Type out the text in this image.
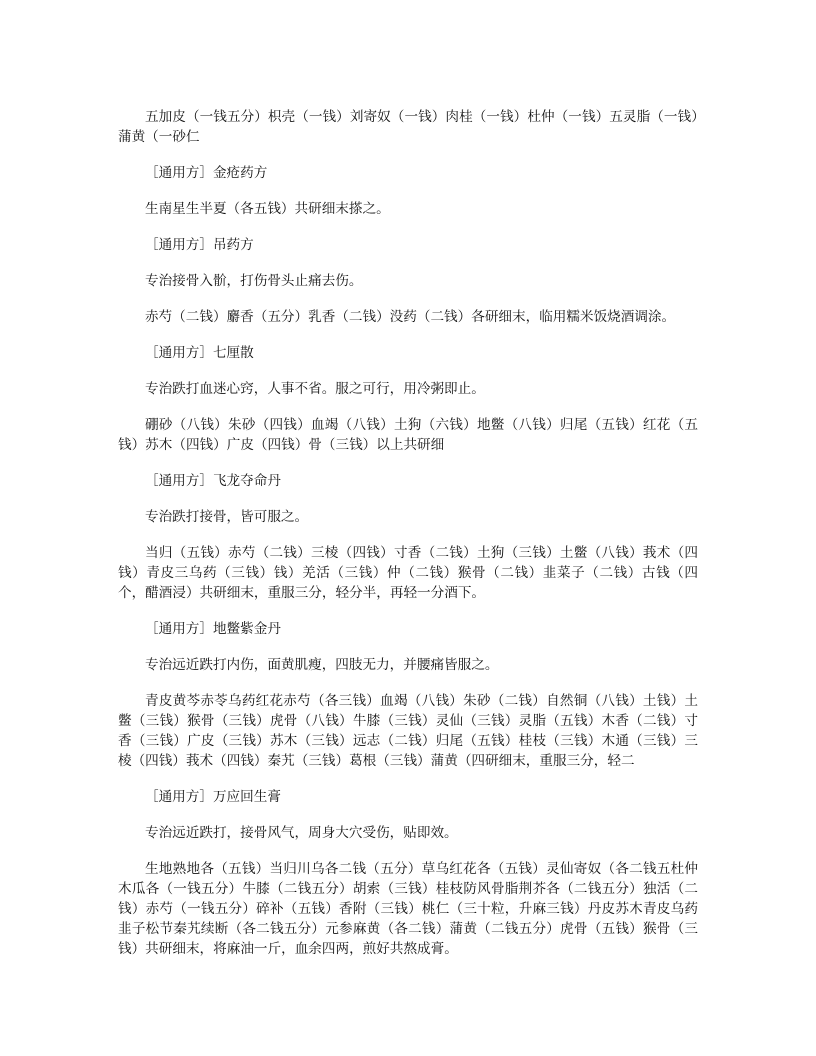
五加皮（一钱五分）枳壳（一钱）刘寄奴（一钱）肉桂（一钱）杜仲（一钱）五灵脂（一钱）蒲黄（一砂仁

［通用方］金疮药方

生南星生半夏（各五钱）共研细末搽之。

［通用方］吊药方

专治接骨入骱，打伤骨头止痛去伤。

赤芍（二钱）麝香（五分）乳香（二钱）没药（二钱）各研细末，临用糯米饭烧酒调涂。

［通用方］七厘散

专治跌打血迷心窍，人事不省。服之可行，用冷粥即止。

硼砂（八钱）朱砂（四钱）血竭（八钱）土狗（六钱）地鳖（八钱）归尾（五钱）红花（五钱）苏木（四钱）广皮（四钱）骨（三钱）以上共研细

［通用方］飞龙夺命丹

专治跌打接骨，皆可服之。

当归（五钱）赤芍（二钱）三棱（四钱）寸香（二钱）土狗（三钱）土鳖（八钱）莪术（四钱）青皮三乌药（三钱）钱）羌活（三钱）仲（二钱）猴骨（二钱）韭菜子（二钱）古钱（四个，醋酒浸）共研细末，重服三分，轻分半，再轻一分酒下。

［通用方］地鳖紫金丹

专治远近跌打内伤，面黄肌瘦，四肢无力，并腰痛皆服之。

青皮黄芩赤苓乌药红花赤芍（各三钱）血竭（八钱）朱砂（二钱）自然铜（八钱）土钱）土鳖（三钱）猴骨（三钱）虎骨（八钱）牛膝（三钱）灵仙（三钱）灵脂（五钱）木香（二钱）寸香（三钱）广皮（三钱）苏木（三钱）远志（二钱）归尾（五钱）桂枝（三钱）木通（三钱）三棱（四钱）莪术（四钱）秦艽（三钱）葛根（三钱）蒲黄（四研细末，重服三分，轻二

［通用方］万应回生膏

专治远近跌打，接骨风气，周身大穴受伤，贴即效。

生地熟地各（五钱）当归川乌各二钱（五分）草乌红花各（五钱）灵仙寄奴（各二钱五杜仲木瓜各（一钱五分）牛膝（二钱五分）胡索（三钱）桂枝防风骨脂荆芥各（二钱五分）独活（二钱）赤芍（一钱五分）碎补（五钱）香附（三钱）桃仁（三十粒，升麻三钱）丹皮苏木青皮乌药韭子松节秦艽续断（各二钱五分）元参麻黄（各二钱）蒲黄（二钱五分）虎骨（五钱）猴骨（三钱）共研细末，将麻油一斤，血余四两，煎好共熬成膏。
